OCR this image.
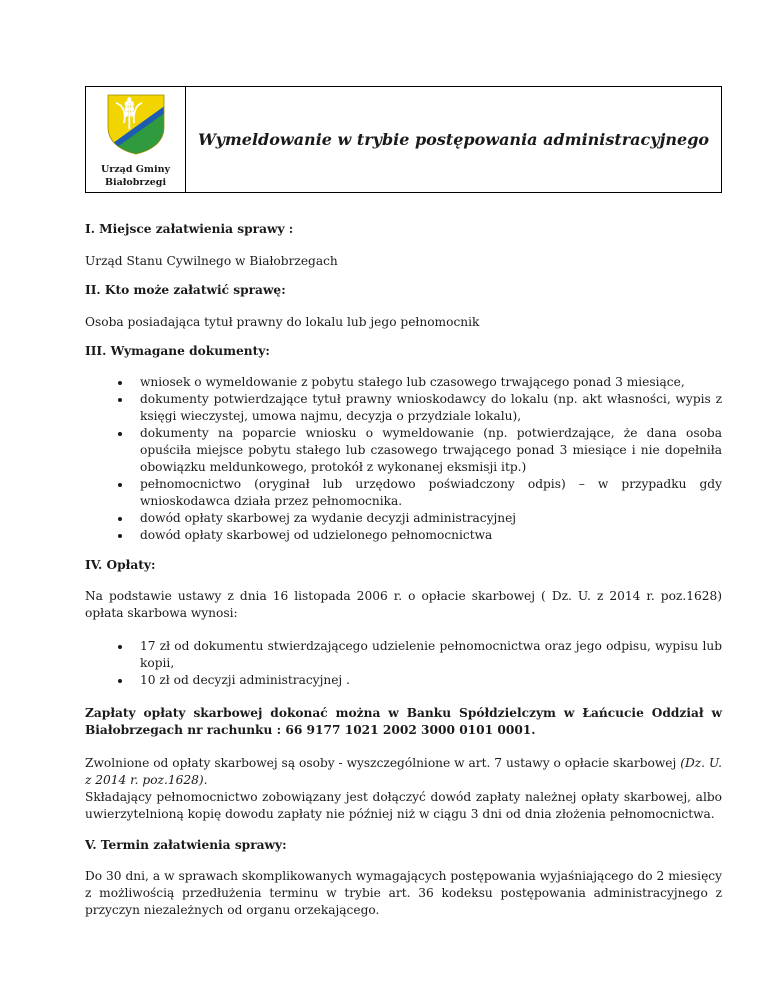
Urząd Gminy
Białobrzegi
Wymeldowanie w trybie postępowania administracyjnego
I. Miejsce załatwienia sprawy :

Urząd Stanu Cywilnego w Białobrzegach

II. Kto może załatwić sprawę:

Osoba posiadająca tytuł prawny do lokalu lub jego pełnomocnik

III. Wymagane dokumenty:
wniosek o wymeldowanie z pobytu stałego lub czasowego trwającego ponad 3 miesiące,
dokumenty potwierdzające tytuł prawny wnioskodawcy do lokalu (np. akt własności, wypis z księgi wieczystej, umowa najmu, decyzja o przydziale lokalu),
dokumenty na poparcie wniosku o wymeldowanie (np. potwierdzające, że dana osoba opuściła miejsce pobytu stałego lub czasowego trwającego ponad 3 miesiące i nie dopełniła obowiązku meldunkowego, protokół z wykonanej eksmisji itp.)
pełnomocnictwo (oryginał lub urzędowo poświadczony odpis) – w przypadku gdy wnioskodawca działa przez pełnomocnika.
dowód opłaty skarbowej za wydanie decyzji administracyjnej
dowód opłaty skarbowej od udzielonego pełnomocnictwa
IV. Opłaty:

Na podstawie ustawy z dnia 16 listopada 2006 r. o opłacie skarbowej ( Dz. U. z 2014 r. poz.1628) opłata skarbowa wynosi:

17 zł od dokumentu stwierdzającego udzielenie pełnomocnictwa oraz jego odpisu, wypisu lub kopii,
10 zł od decyzji administracyjnej .

Zapłaty opłaty skarbowej dokonać można w Banku Spółdzielczym w Łańcucie Oddział w Białobrzegach nr rachunku : 66 9177 1021 2002 3000 0101 0001.

Zwolnione od opłaty skarbowej są osoby - wyszczególnione w art. 7 ustawy o opłacie skarbowej (Dz. U. z 2014 r. poz.1628).

Składający pełnomocnictwo zobowiązany jest dołączyć dowód zapłaty należnej opłaty skarbowej, albo uwierzytelnioną kopię dowodu zapłaty nie później niż w ciągu 3 dni od dnia złożenia pełnomocnictwa.

V. Termin załatwienia sprawy:

Do 30 dni, a w sprawach skomplikowanych wymagających postępowania wyjaśniającego do 2 miesięcy z możliwością przedłużenia terminu w trybie art. 36 kodeksu postępowania administracyjnego z przyczyn niezależnych od organu orzekającego.
